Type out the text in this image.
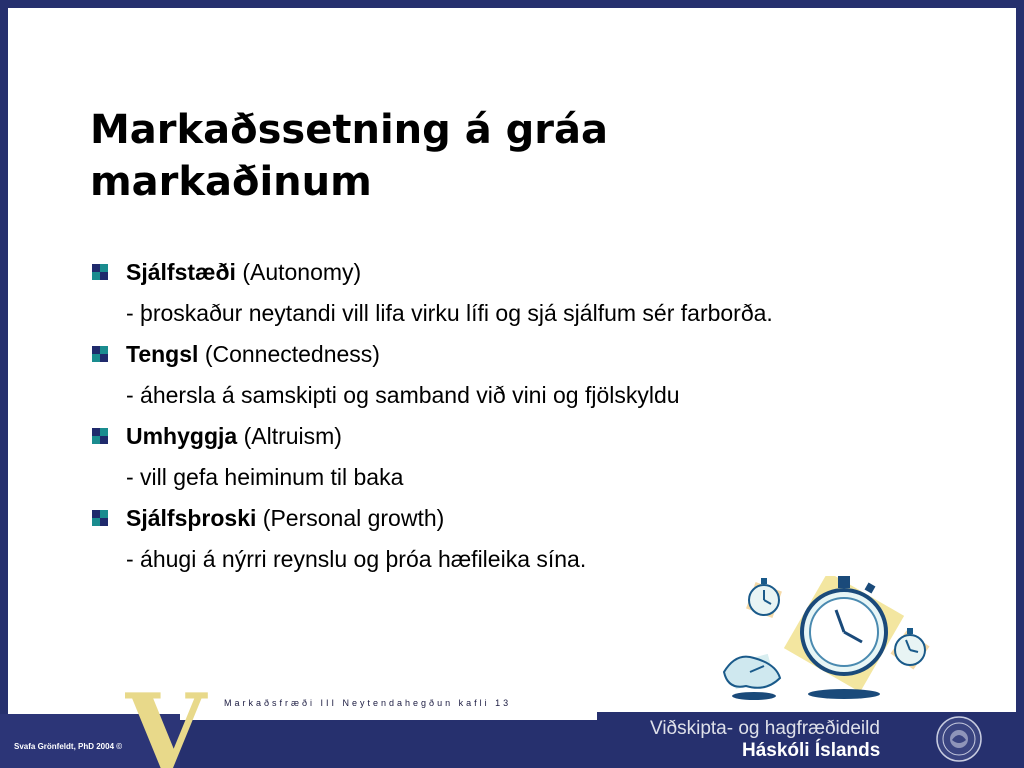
Markaðssetning á gráa markaðinum
Sjálfstæði (Autonomy)
- þroskaður neytandi vill lifa virku lífi og sjá sjálfum sér farborða.
Tengsl (Connectedness)
- áhersla á samskipti og samband við vini og fjölskyldu
Umhyggja (Altruism)
- vill gefa heiminum til baka
Sjálfsþroski (Personal growth)
- áhugi á nýrri reynslu og þróa hæfileika sína.
V
Svafa Grönfeldt, PhD 2004 ©
Markaðsfræði III Neytendahegðun kafli 13
Viðskipta- og hagfræðideild
Háskóli Íslands
